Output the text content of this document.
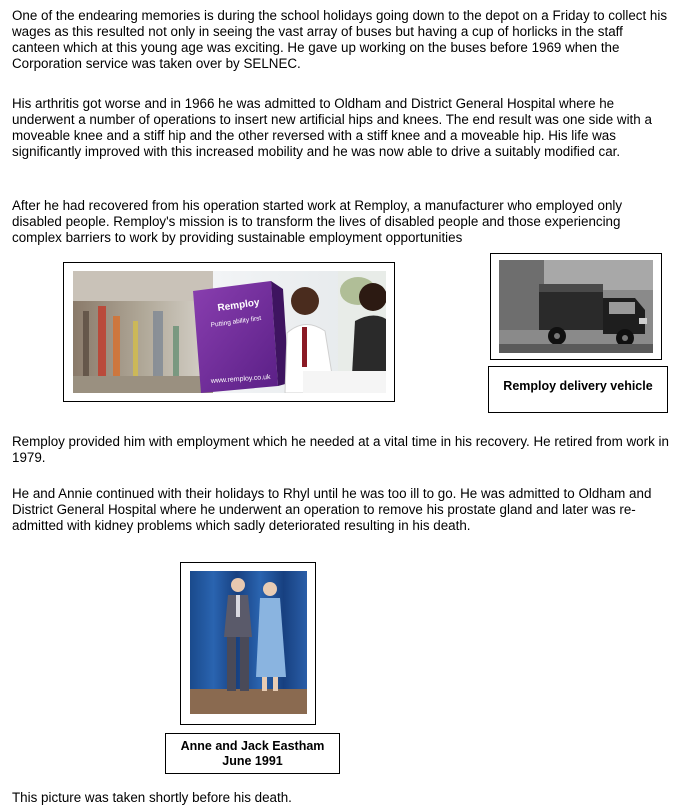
One of the endearing memories is during the school holidays going down to the depot on a Friday to collect his wages as this resulted not only in seeing the vast array of buses but having a cup of horlicks in the staff canteen which at this young age was exciting. He gave up working on the buses before 1969 when the Corporation service was taken over by SELNEC.

His arthritis got worse and in 1966 he was admitted to Oldham and District General Hospital where he underwent a number of operations to insert new artificial hips and knees. The end result was one side with a moveable knee and a stiff hip and the other reversed with a stiff knee and a moveable hip. His life was significantly improved with this increased mobility and he was now able to drive a suitably modified car.

After he had recovered from his operation started work at Remploy, a manufacturer who employed only disabled people. Remploy's mission is to transform the lives of disabled people and those experiencing complex barriers to work by providing sustainable employment opportunities

Remploy provided him with employment which he needed at a vital time in his recovery. He retired from work in 1979.

He and Annie continued with their holidays to Rhyl until he was too ill to go. He was admitted to Oldham and District General Hospital where he underwent an operation to remove his prostate gland and later was re-admitted with kidney problems which sadly deteriorated resulting in his death.

This picture was taken shortly before his death.

Remploy
Putting ability first
www.remploy.co.uk	Remploy delivery vehicle
Anne and Jack Eastham
June 1991
